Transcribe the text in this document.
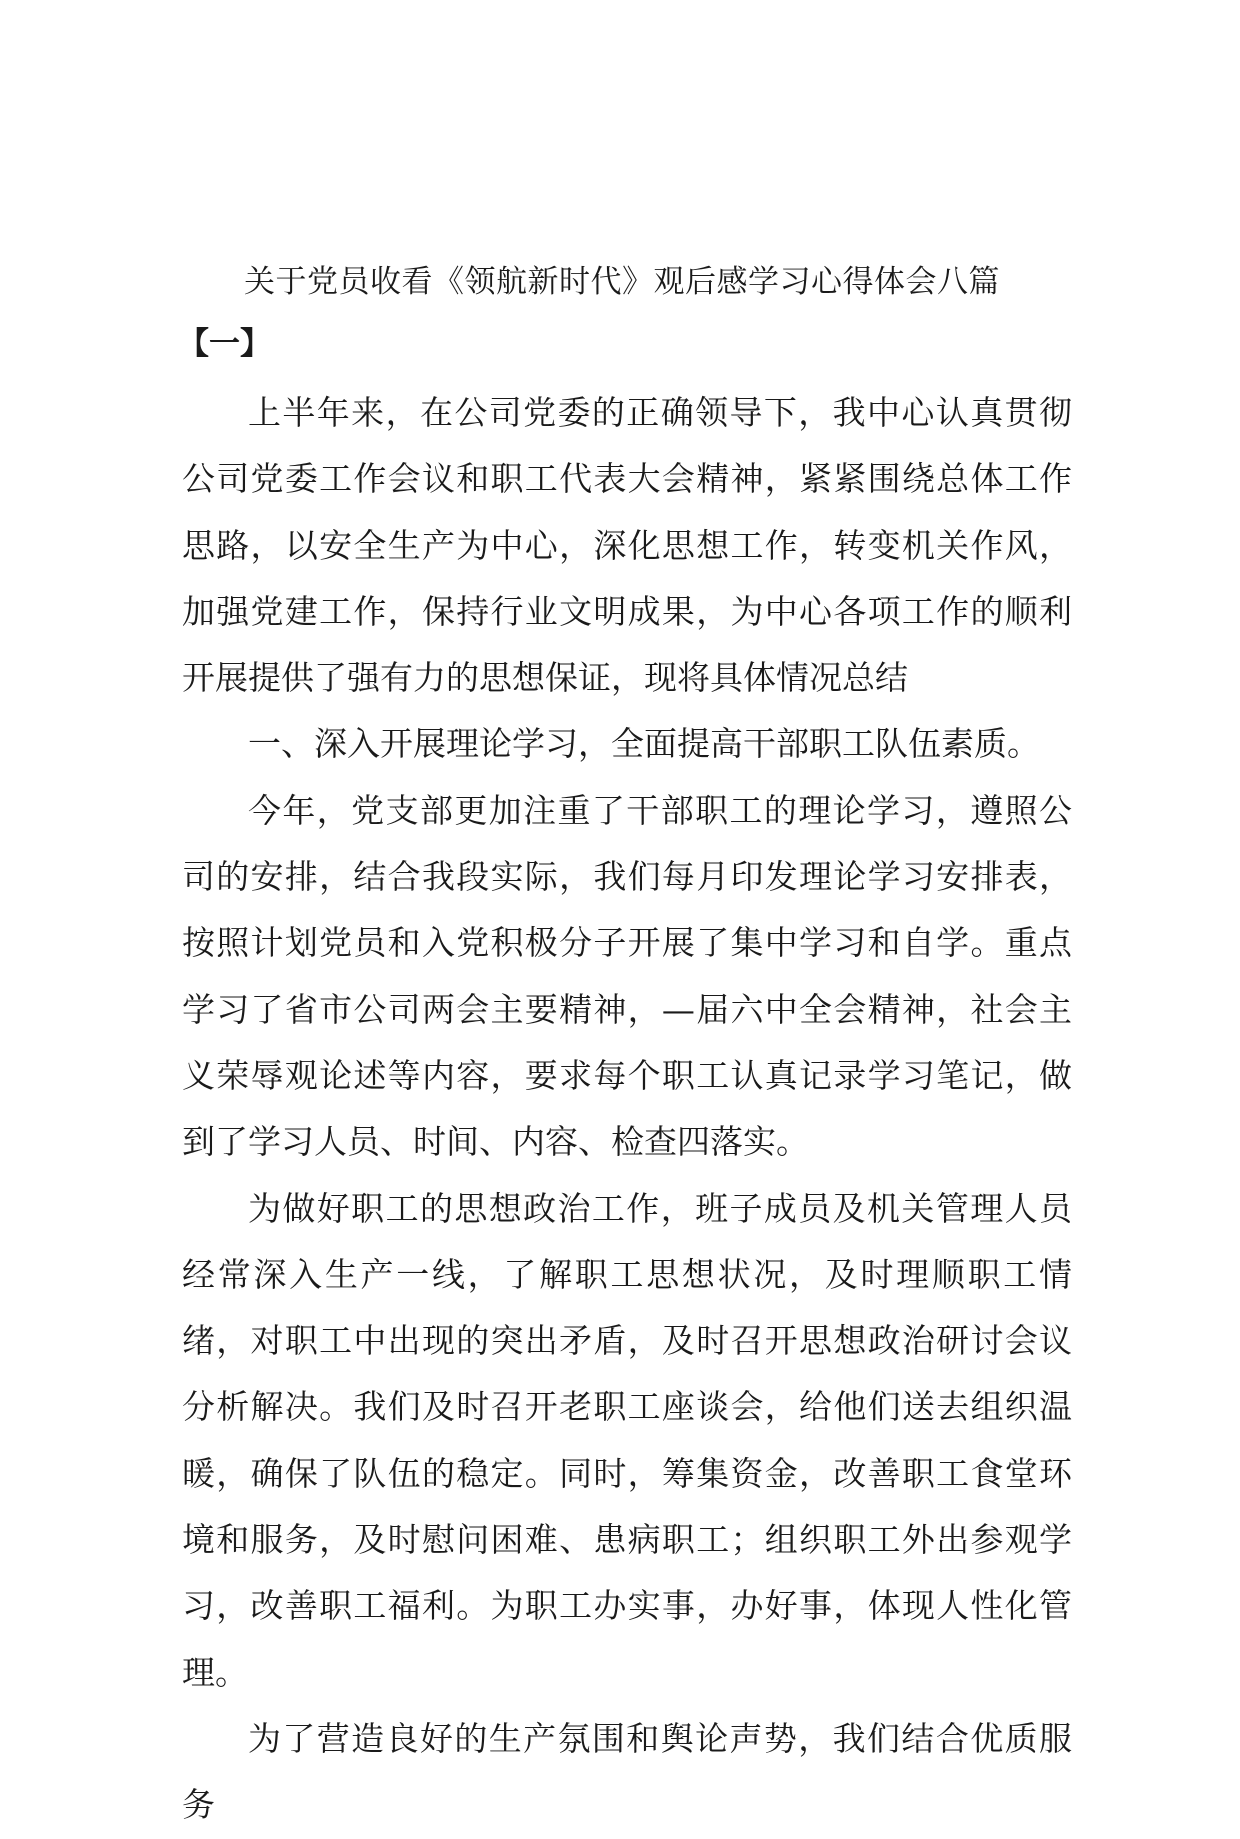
关于党员收看《领航新时代》观后感学习心得体会八篇
【一】

上半年来，在公司党委的正确领导下，我中心认真贯彻公司党委工作会议和职工代表大会精神，紧紧围绕总体工作思路，以安全生产为中心，深化思想工作，转变机关作风，加强党建工作，保持行业文明成果，为中心各项工作的顺利开展提供了强有力的思想保证，现将具体情况总结

一、深入开展理论学习，全面提高干部职工队伍素质。

今年，党支部更加注重了干部职工的理论学习，遵照公司的安排，结合我段实际，我们每月印发理论学习安排表，按照计划党员和入党积极分子开展了集中学习和自学。重点学习了省市公司两会主要精神，—届六中全会精神，社会主义荣辱观论述等内容，要求每个职工认真记录学习笔记，做到了学习人员、时间、内容、检查四落实。

为做好职工的思想政治工作，班子成员及机关管理人员经常深入生产一线，了解职工思想状况，及时理顺职工情绪，对职工中出现的突出矛盾，及时召开思想政治研讨会议分析解决。我们及时召开老职工座谈会，给他们送去组织温暖，确保了队伍的稳定。同时，筹集资金，改善职工食堂环境和服务，及时慰问困难、患病职工；组织职工外出参观学习，改善职工福利。为职工办实事，办好事，体现人性化管理。

为了营造良好的生产氛围和舆论声势，我们结合优质服务
